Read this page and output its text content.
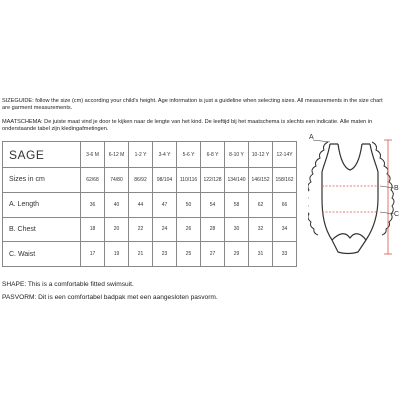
SIZEGUIDE: follow the size (cm) according your child's height. Age information is just a guideline when selecting sizes. All measurements in the size chart are garment measurements.
MAATSCHEMA: De juiste maat vind je door te kijken naar de lengte van het kind. De leeftijd bij het maatschema is slechts een indicatie. Alle maten in onderstaande tabel zijn kledingafmetingen.
SAGE	3-6 M	6-12 M	1-2 Y	3-4 Y	5-6 Y	6-8 Y	8-10 Y	10-12 Y	12-14Y
Sizes in cm	62/68	74/80	86/92	98/104	110/116	122/128	134/140	146/152	158/162
A. Length	36	40	44	47	50	54	58	62	66
B. Chest	18	20	22	24	26	28	30	32	34
C. Waist	17	19	21	23	25	27	29	31	33
A
B
C
SHAPE: This is a comfortable fitted swimsuit.
PASVORM: Dit is een comfortabel badpak met een aangesloten pasvorm.
